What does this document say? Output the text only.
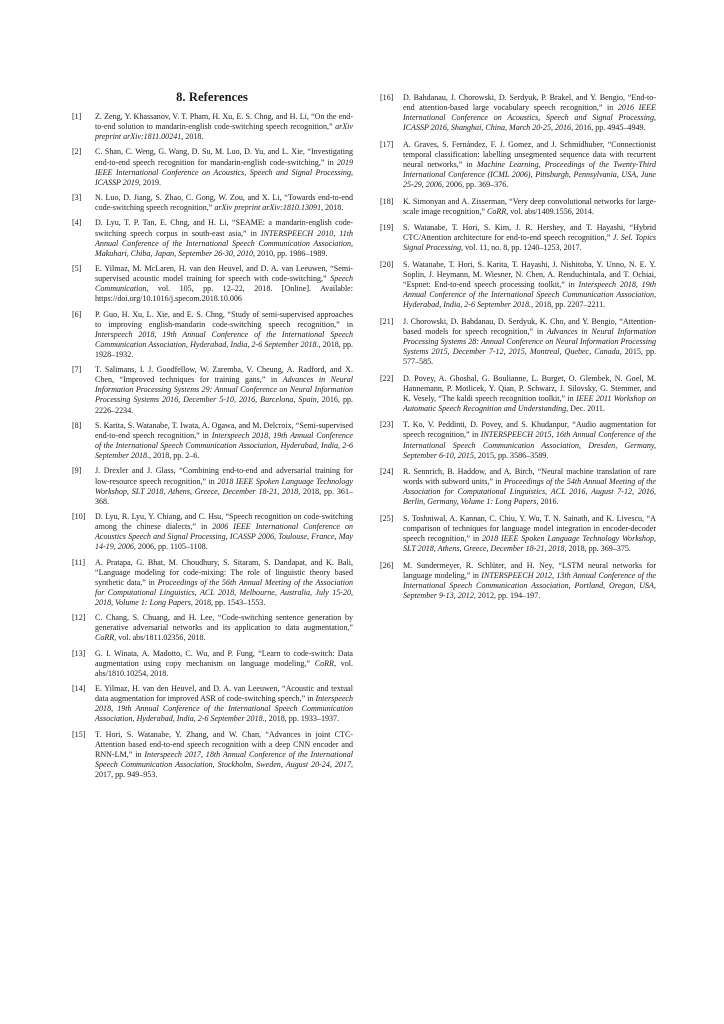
8. References

[1]	Z. Zeng, Y. Khassanov, V. T. Pham, H. Xu, E. S. Chng, and H. Li, “On the end-to-end solution to mandarin-english code-switching speech recognition,” arXiv preprint arXiv:1811.00241, 2018.

[2]	C. Shan, C. Weng, G. Wang, D. Su, M. Luo, D. Yu, and L. Xie, “Investigating end-to-end speech recognition for mandarin-english code-switching,” in 2019 IEEE International Conference on Acoustics, Speech and Signal Processing, ICASSP 2019, 2019.

[3]	N. Luo, D. Jiang, S. Zhao, C. Gong, W. Zou, and X. Li, “Towards end-to-end code-switching speech recognition,” arXiv preprint arXiv:1810.13091, 2018.

[4]	D. Lyu, T. P. Tan, E. Chng, and H. Li, “SEAME: a mandarin-english code-switching speech corpus in south-east asia,” in INTERSPEECH 2010, 11th Annual Conference of the International Speech Communication Association, Makuhari, Chiba, Japan, September 26-30, 2010, 2010, pp. 1986–1989.

[5]	E. Yilmaz, M. McLaren, H. van den Heuvel, and D. A. van Leeuwen, “Semi-supervised acoustic model training for speech with code-switching,” Speech Communication, vol. 105, pp. 12–22, 2018. [Online]. Available: https://doi.org/10.1016/j.specom.2018.10.006

[6]	P. Guo, H. Xu, L. Xie, and E. S. Chng, “Study of semi-supervised approaches to improving english-mandarin code-switching speech recognition,” in Interspeech 2018, 19th Annual Conference of the International Speech Communication Association, Hyderabad, India, 2-6 September 2018., 2018, pp. 1928–1932.

[7]	T. Salimans, I. J. Goodfellow, W. Zaremba, V. Cheung, A. Radford, and X. Chen, “Improved techniques for training gans,” in Advances in Neural Information Processing Systems 29: Annual Conference on Neural Information Processing Systems 2016, December 5-10, 2016, Barcelona, Spain, 2016, pp. 2226–2234.

[8]	S. Karita, S. Watanabe, T. Iwata, A. Ogawa, and M. Delcroix, “Semi-supervised end-to-end speech recognition,” in Interspeech 2018, 19th Annual Conference of the International Speech Communication Association, Hyderabad, India, 2-6 September 2018., 2018, pp. 2–6.

[9]	J. Drexler and J. Glass, “Combining end-to-end and adversarial training for low-resource speech recognition,” in 2018 IEEE Spoken Language Technology Workshop, SLT 2018, Athens, Greece, December 18-21, 2018, 2018, pp. 361–368.

[10]	D. Lyu, R. Lyu, Y. Chiang, and C. Hsu, “Speech recognition on code-switching among the chinese dialects,” in 2006 IEEE International Conference on Acoustics Speech and Signal Processing, ICASSP 2006, Toulouse, France, May 14-19, 2006, 2006, pp. 1105–1108.

[11]	A. Pratapa, G. Bhat, M. Choudhury, S. Sitaram, S. Dandapat, and K. Bali, “Language modeling for code-mixing: The role of linguistic theory based synthetic data,” in Proceedings of the 56th Annual Meeting of the Association for Computational Linguistics, ACL 2018, Melbourne, Australia, July 15-20, 2018, Volume 1: Long Papers, 2018, pp. 1543–1553.

[12]	C. Chang, S. Chuang, and H. Lee, “Code-switching sentence generation by generative adversarial networks and its application to data augmentation,” CoRR, vol. abs/1811.02356, 2018.

[13]	G. I. Winata, A. Madotto, C. Wu, and P. Fung, “Learn to code-switch: Data augmentation using copy mechanism on language modeling,” CoRR, vol. abs/1810.10254, 2018.

[14]	E. Yilmaz, H. van den Heuvel, and D. A. van Leeuwen, “Acoustic and textual data augmentation for improved ASR of code-switching speech,” in Interspeech 2018, 19th Annual Conference of the International Speech Communication Association, Hyderabad, India, 2-6 September 2018., 2018, pp. 1933–1937.

[15]	T. Hori, S. Watanabe, Y. Zhang, and W. Chan, “Advances in joint CTC-Attention based end-to-end speech recognition with a deep CNN encoder and RNN-LM,” in Interspeech 2017, 18th Annual Conference of the International Speech Communication Association, Stockholm, Sweden, August 20-24, 2017, 2017, pp. 949–953.

[16]	D. Bahdanau, J. Chorowski, D. Serdyuk, P. Brakel, and Y. Bengio, “End-to-end attention-based large vocabulary speech recognition,” in 2016 IEEE International Conference on Acoustics, Speech and Signal Processing, ICASSP 2016, Shanghai, China, March 20-25, 2016, 2016, pp. 4945–4949.

[17]	A. Graves, S. Fernández, F. J. Gomez, and J. Schmidhuber, “Connectionist temporal classification: labelling unsegmented sequence data with recurrent neural networks,” in Machine Learning, Proceedings of the Twenty-Third International Conference (ICML 2006), Pittsburgh, Pennsylvania, USA, June 25-29, 2006, 2006, pp. 369–376.

[18]	K. Simonyan and A. Zisserman, “Very deep convolutional networks for large-scale image recognition,” CoRR, vol. abs/1409.1556, 2014.

[19]	S. Watanabe, T. Hori, S. Kim, J. R. Hershey, and T. Hayashi, “Hybrid CTC/Attention architecture for end-to-end speech recognition,” J. Sel. Topics Signal Processing, vol. 11, no. 8, pp. 1240–1253, 2017.

[20]	S. Watanabe, T. Hori, S. Karita, T. Hayashi, J. Nishitoba, Y. Unno, N. E. Y. Soplin, J. Heymann, M. Wiesner, N. Chen, A. Renduchintala, and T. Ochiai, “Espnet: End-to-end speech processing toolkit,” in Interspeech 2018, 19th Annual Conference of the International Speech Communication Association, Hyderabad, India, 2-6 September 2018., 2018, pp. 2207–2211.

[21]	J. Chorowski, D. Bahdanau, D. Serdyuk, K. Cho, and Y. Bengio, “Attention-based models for speech recognition,” in Advances in Neural Information Processing Systems 28: Annual Conference on Neural Information Processing Systems 2015, December 7-12, 2015, Montreal, Quebec, Canada, 2015, pp. 577–585.

[22]	D. Povey, A. Ghoshal, G. Boulianne, L. Burget, O. Glembek, N. Goel, M. Hannemann, P. Motlicek, Y. Qian, P. Schwarz, J. Silovsky, G. Stemmer, and K. Vesely, “The kaldi speech recognition toolkit,” in IEEE 2011 Workshop on Automatic Speech Recognition and Understanding, Dec. 2011.

[23]	T. Ko, V. Peddinti, D. Povey, and S. Khudanpur, “Audio augmentation for speech recognition,” in INTERSPEECH 2015, 16th Annual Conference of the International Speech Communication Association, Dresden, Germany, September 6-10, 2015, 2015, pp. 3586–3589.

[24]	R. Sennrich, B. Haddow, and A. Birch, “Neural machine translation of rare words with subword units,” in Proceedings of the 54th Annual Meeting of the Association for Computational Linguistics, ACL 2016, August 7-12, 2016, Berlin, Germany, Volume 1: Long Papers, 2016.

[25]	S. Toshniwal, A. Kannan, C. Chiu, Y. Wu, T. N. Sainath, and K. Livescu, “A comparison of techniques for language model integration in encoder-decoder speech recognition,” in 2018 IEEE Spoken Language Technology Workshop, SLT 2018, Athens, Greece, December 18-21, 2018, 2018, pp. 369–375.

[26]	M. Sundermeyer, R. Schlüter, and H. Ney, “LSTM neural networks for language modeling,” in INTERSPEECH 2012, 13th Annual Conference of the International Speech Communication Association, Portland, Oregon, USA, September 9-13, 2012, 2012, pp. 194–197.
